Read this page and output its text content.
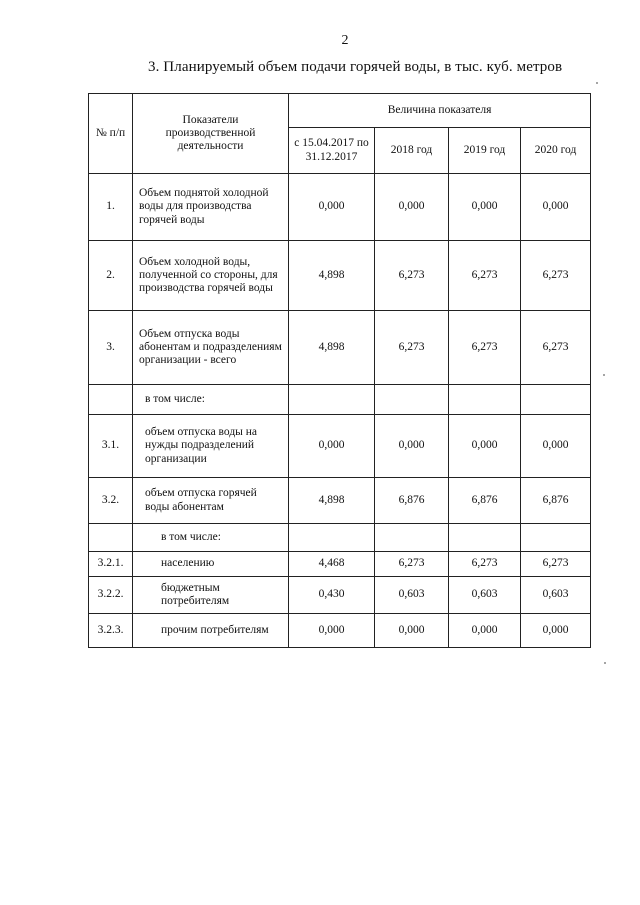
2
3. Планируемый объем подачи горячей воды, в тыс. куб. метров
№ п/п	Показатели производственной деятельности	Величина показателя			
		с 15.04.2017 по 31.12.2017	2018 год	2019 год	2020 год
1.	Объем поднятой холодной воды для производства горячей воды	0,000	0,000	0,000	0,000
2.	Объем холодной воды, полученной со стороны, для производства горячей воды	4,898	6,273	6,273	6,273
3.	Объем отпуска воды абонентам и подразделениям организации - всего	4,898	6,273	6,273	6,273
	в том числе:				
3.1.	объем отпуска воды на нужды подразделений организации	0,000	0,000	0,000	0,000
3.2.	объем отпуска горячей воды абонентам	4,898	6,876	6,876	6,876
	в том числе:				
3.2.1.	населению	4,468	6,273	6,273	6,273
3.2.2.	бюджетным потребителям	0,430	0,603	0,603	0,603
3.2.3.	прочим потребителям	0,000	0,000	0,000	0,000
